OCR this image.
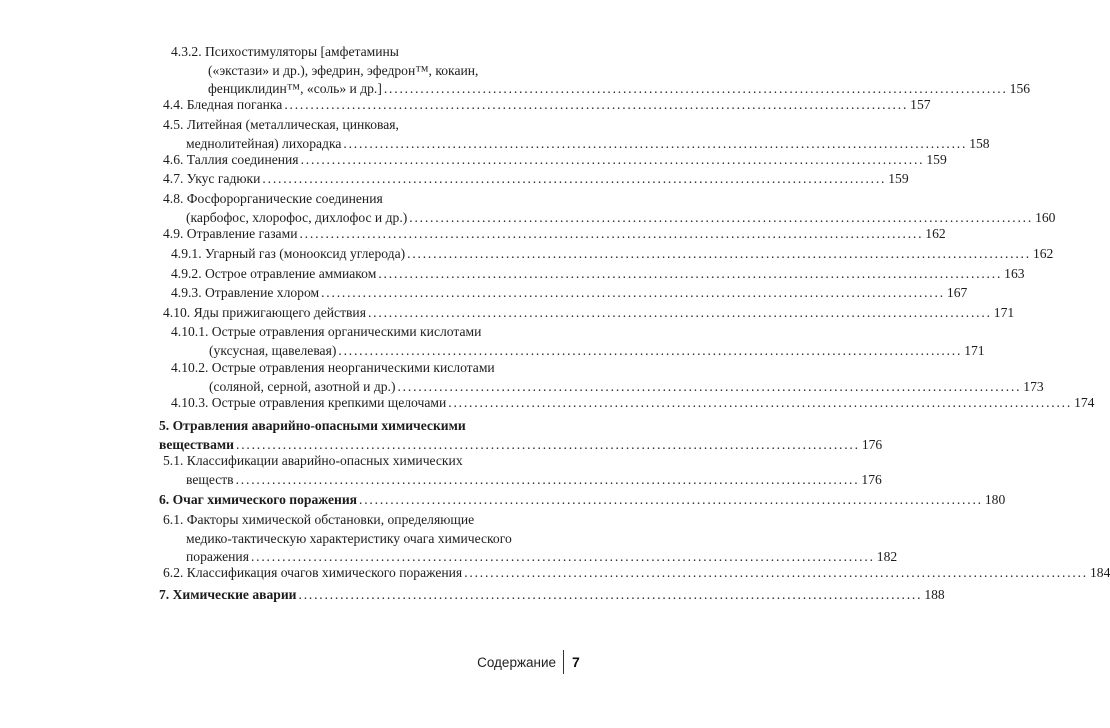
4.3.2. Психостимуляторы [амфетамины
(«экстази» и др.), эфедрин, эфедрон™, кокаин,
фенциклидин™, «соль» и др.] ........................................................................................................................ 156
4.4. Бледная поганка ........................................................................................................................ 157
4.5. Литейная (металлическая, цинковая,
меднолитейная) лихорадка ........................................................................................................................ 158
4.6. Таллия соединения ........................................................................................................................ 159
4.7. Укус гадюки ........................................................................................................................ 159
4.8. Фосфорорганические соединения
(карбофос, хлорофос, дихлофос и др.) ........................................................................................................................ 160
4.9. Отравление газами ........................................................................................................................ 162
4.9.1. Угарный газ (монооксид углерода) ........................................................................................................................ 162
4.9.2. Острое отравление аммиаком ........................................................................................................................ 163
4.9.3. Отравление хлором ........................................................................................................................ 167
4.10. Яды прижигающего действия ........................................................................................................................ 171
4.10.1. Острые отравления органическими кислотами
(уксусная, щавелевая) ........................................................................................................................ 171
4.10.2. Острые отравления неорганическими кислотами
(соляной, серной, азотной и др.) ........................................................................................................................ 173
4.10.3. Острые отравления крепкими щелочами ........................................................................................................................ 174
5. Отравления аварийно-опасными химическими
веществами ........................................................................................................................ 176
5.1. Классификации аварийно-опасных химических
веществ ........................................................................................................................ 176
6. Очаг химического поражения ........................................................................................................................ 180
6.1. Факторы химической обстановки, определяющие
медико-тактическую характеристику очага химического
поражения ........................................................................................................................ 182
6.2. Классификация очагов химического поражения ........................................................................................................................ 184
7. Химические аварии ........................................................................................................................ 188
Содержание 7
